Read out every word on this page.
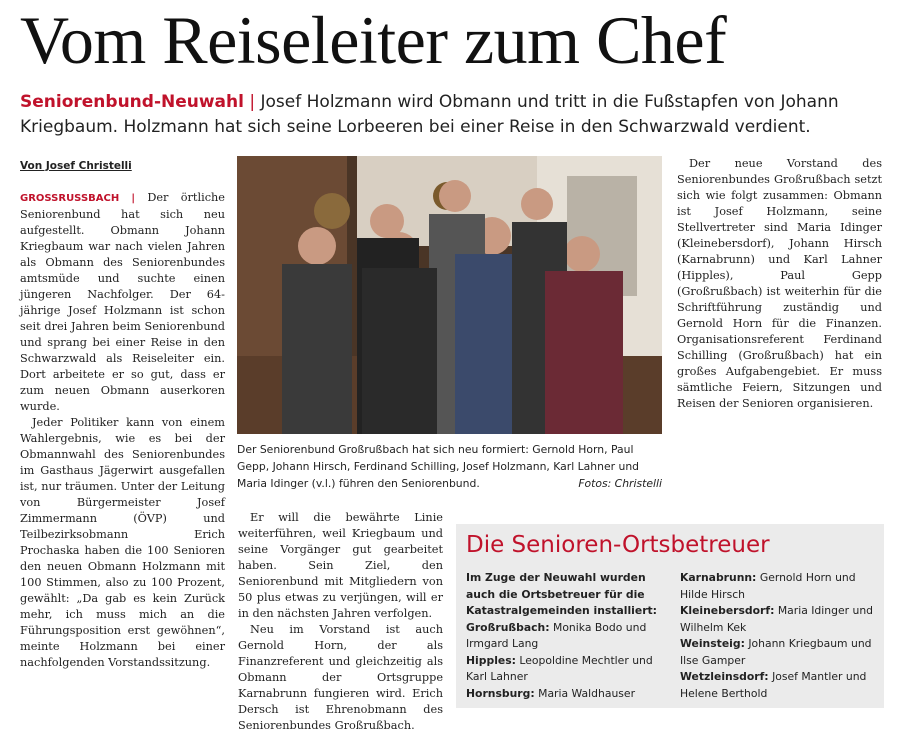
Vom Reiseleiter zum Chef
Seniorenbund-Neuwahl | Josef Holzmann wird Obmann und tritt in die Fußstapfen von Johann Kriegbaum. Holzmann hat sich seine Lorbeeren bei einer Reise in den Schwarzwald verdient.
Von Josef Christelli

GROSSRUSSBACH | Der örtliche Seniorenbund hat sich neu aufgestellt. Obmann Johann Kriegbaum war nach vielen Jahren als Obmann des Seniorenbundes amtsmüde und suchte einen jüngeren Nachfolger. Der 64-jährige Josef Holzmann ist schon seit drei Jahren beim Seniorenbund und sprang bei einer Reise in den Schwarzwald als Reiseleiter ein. Dort arbeitete er so gut, dass er zum neuen Obmann auserkoren wurde.

Jeder Politiker kann von einem Wahlergebnis, wie es bei der Obmannwahl des Seniorenbundes im Gasthaus Jägerwirt ausgefallen ist, nur träumen. Unter der Leitung von Bürgermeister Josef Zimmermann (ÖVP) und Teilbezirksobmann Erich Prochaska haben die 100 Senioren den neuen Obmann Holzmann mit 100 Stimmen, also zu 100 Prozent, gewählt: „Da gab es kein Zurück mehr, ich muss mich an die Führungsposition erst gewöhnen“, meinte Holzmann bei einer nachfolgenden Vorstandssitzung.

Der Seniorenbund Großrußbach hat sich neu formiert: Gernold Horn, Paul Gepp, Johann Hirsch, Ferdinand Schilling, Josef Holzmann, Karl Lahner und Maria Idinger (v.l.) führen den Seniorenbund.	Fotos: Christelli

Er will die bewährte Linie weiterführen, weil Kriegbaum und seine Vorgänger gut gearbeitet haben. Sein Ziel, den Seniorenbund mit Mitgliedern von 50 plus etwas zu verjüngen, will er in den nächsten Jahren verfolgen.

Neu im Vorstand ist auch Gernold Horn, der als Finanzreferent und gleichzeitig als Obmann der Ortsgruppe Karnabrunn fungieren wird. Erich Dersch ist Ehrenobmann des Seniorenbundes Großrußbach.

Der neue Vorstand des Seniorenbundes Großrußbach setzt sich wie folgt zusammen: Obmann ist Josef Holzmann, seine Stellvertreter sind Maria Idinger (Kleinebersdorf), Johann Hirsch (Karnabrunn) und Karl Lahner (Hipples), Paul Gepp (Großrußbach) ist weiterhin für die Schriftführung zuständig und Gernold Horn für die Finanzen. Organisationsreferent Ferdinand Schilling (Großrußbach) hat ein großes Aufgabengebiet. Er muss sämtliche Feiern, Sitzungen und Reisen der Senioren organisieren.

Die Senioren-Ortsbetreuer

Im Zuge der Neuwahl wurden auch die Ortsbetreuer für die Katastralgemeinden installiert:

Großrußbach: Monika Bodo und Irmgard Lang

Hipples: Leopoldine Mechtler und Karl Lahner

Hornsburg: Maria Waldhauser

Karnabrunn: Gernold Horn und Hilde Hirsch

Kleinebersdorf: Maria Idinger und Wilhelm Kek

Weinsteig: Johann Kriegbaum und Ilse Gamper

Wetzleinsdorf: Josef Mantler und Helene Berthold
